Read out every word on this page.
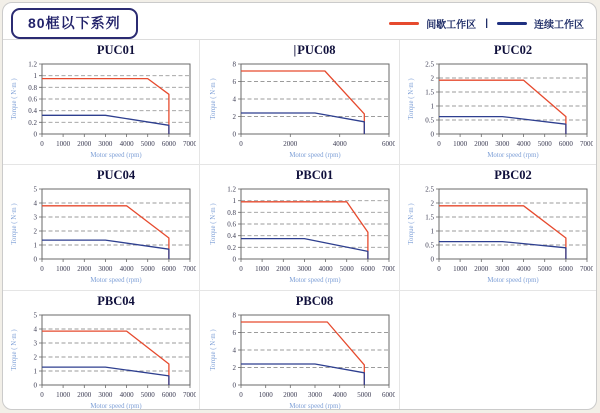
80框以下系列	间歇工作区 |	连续工作区
PUC01
0
0.2
0.4
0.6
0.8
1
1.2
0 1000 2000 3000 4000 5000 6000 7000
Motor speed (rpm)
Torque ( N·m )
|PUC08
0
2
4
6
8
0	2000	4000	6000
Motor speed (rpm)
Torque ( N·m )
PUC02
0
0.5
1
1.5
2
2.5
0 1000 2000 3000 4000 5000 6000 7000
Motor speed (rpm)
Torque ( N·m )
PUC04
0
1
2
3
4
5
0 1000 2000 3000 4000 5000 6000 7000
Motor speed (rpm)
Torque ( N·m )
PBC01
0
0.2
0.4
0.6
0.8
1
1.2
0 1000 2000 3000 4000 5000 6000 7000
Motor speed (rpm)
Torque ( N·m )
PBC02
0
0.5
1
1.5
2
2.5
0 1000 2000 3000 4000 5000 6000 7000
Motor speed (rpm)
Torque ( N·m )
PBC04
0
1
2
3
4
5
0 1000 2000 3000 4000 5000 6000 7000
Motor speed (rpm)
Torque ( N·m )
PBC08
0
2
4
6
8
0 1000 2000 3000 4000 5000 6000
Motor speed (rpm)
Torque ( N·m )
